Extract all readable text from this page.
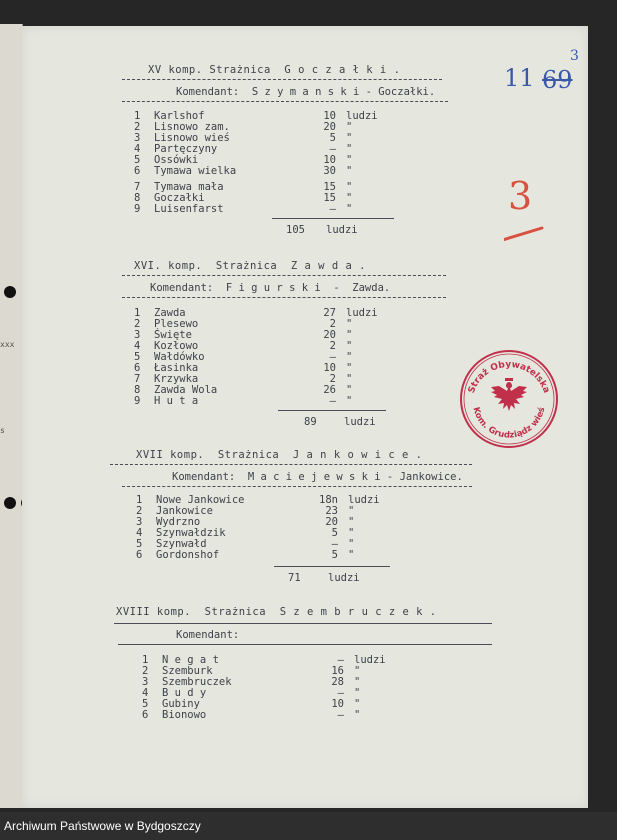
xxx
s
XV komp. Strażnica  G o c z a ł k i .
Komendant:  S z y m a n s k i - Goczałki.
1 Karlshof	10 ludzi
2 Lisnowo zam.	20 "
3 Lisnowo wieś	5 "
4 Partęczyny	— "
5 Ossówki	10 "
6 Tymawa wielka	30 "
7 Tymawa mała	15 "
8 Goczałki	15 "
9 Luisenfarst	— "
105 ludzi
XVI. komp.  Strażnica  Z a w d a .
Komendant:  F i g u r s k i  -  Zawda.
1 Zawda	27 ludzi
2 Plesewo	2 "
3 Święte	20 "
4 Kozłowo	2 "
5 Wałdówko	— "
6 Łasinka	10 "
7 Krzywka	2 "
8 Zawda Wola	26 "
9 H u t a	— "
89	ludzi
XVII komp.  Strażnica  J a n k o w i c e .
Komendant:  M a c i e j e w s k i - Jankowice.
1 Nowe Jankowice	18n ludzi
2 Jankowice	23 "
3 Wydrzno	20 "
4 Szynwałdzik	5 "
5 Szynwałd	— "
6 Gordonshof	5 "
71	ludzi
XVIII komp.  Strażnica  S z e m b r u c z e k .
Komendant:
1 N e g a t	— ludzi
2 Szemburk	16 "
3 Szembruczek	28 "
4 B u d y	— "
5 Gubiny	10 "
6 Bionowo	— "
3
11 69
3
Straż Obywatelska
Kom. Grudziądz wieś
Archiwum Państwowe w Bydgoszczy
